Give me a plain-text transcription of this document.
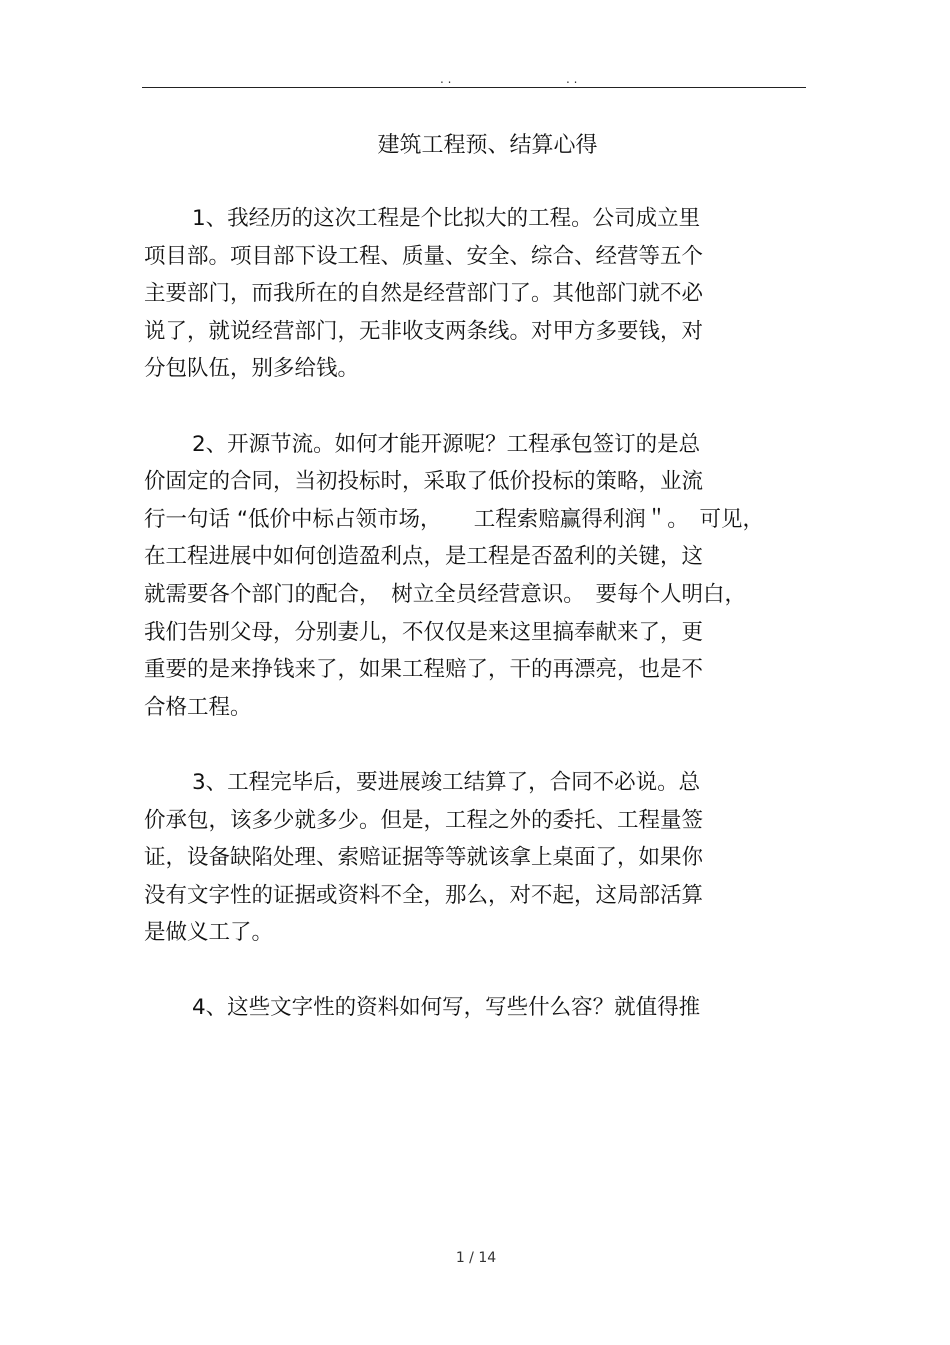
. .	. .
建筑工程预、结算心得
1、我经历的这次工程是个比拟大的工程。公司成立里
项目部。项目部下设工程、质量、安全、综合、经营等五个
主要部门，而我所在的自然是经营部门了。其他部门就不必
说了，就说经营部门，无非收支两条线。对甲方多要钱，对
分包队伍，别多给钱。
2、开源节流。如何才能开源呢？工程承包签订的是总
价固定的合同，当初投标时，采取了低价投标的策略，业流
行一句话 “低价中标占领市场，　　工程索赔赢得利润＂。　可见，
在工程进展中如何创造盈利点，是工程是否盈利的关键，这
就需要各个部门的配合，　树立全员经营意识。　要每个人明白，
我们告别父母，分别妻儿，不仅仅是来这里搞奉献来了，更
重要的是来挣钱来了，如果工程赔了，干的再漂亮，也是不
合格工程。
3、工程完毕后，要进展竣工结算了，合同不必说。总
价承包，该多少就多少。但是，工程之外的委托、工程量签
证，设备缺陷处理、索赔证据等等就该拿上桌面了，如果你
没有文字性的证据或资料不全，那么，对不起，这局部活算
是做义工了。
4、这些文字性的资料如何写，写些什么容？就值得推
1 / 14
